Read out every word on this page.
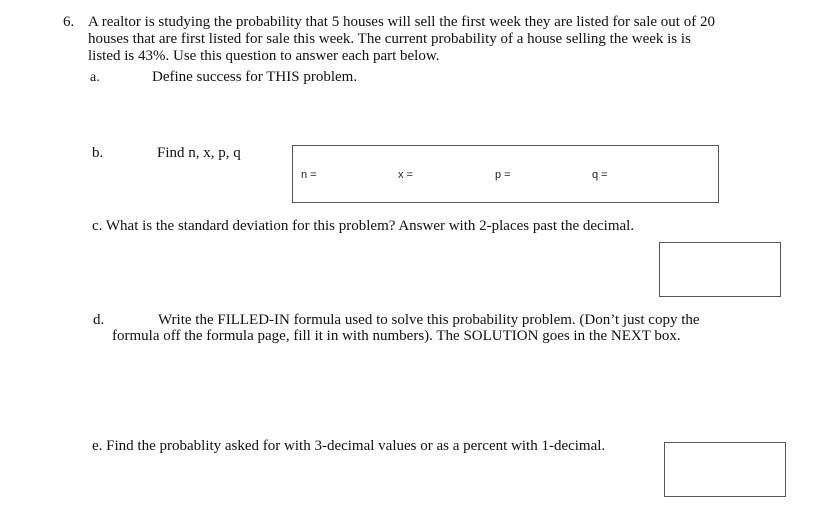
6. A realtor is studying the probability that 5 houses will sell the first week they are listed for sale out of 20
houses that are first listed for sale this week. The current probability of a house selling the week is is
listed is 43%. Use this question to answer each part below.
a.	Define success for THIS problem.
b.	Find n, x, p, q
n =	x =	p =	q =
c. What is the standard deviation for this problem? Answer with 2-places past the decimal.
d.	Write the FILLED-IN formula used to solve this probability problem. (Don’t just copy the
formula off the formula page, fill it in with numbers). The SOLUTION goes in the NEXT box.
e. Find the probablity asked for with 3-decimal values or as a percent with 1-decimal.
